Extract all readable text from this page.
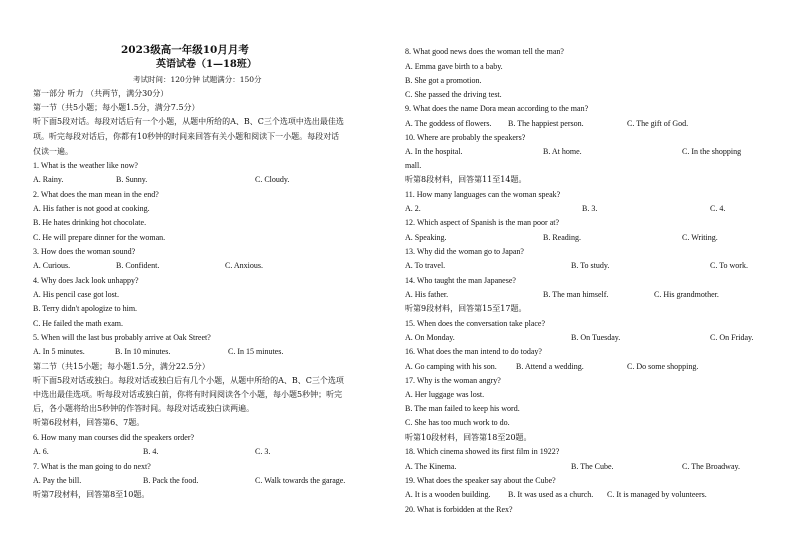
2023级高一年级10月月考
英语试卷（1—18班）
考试时间：120分钟 试题满分：150分
第一部分 听力 （共两节，满分30分）
第一节（共5小题；每小题1.5分，满分7.5分）
听下面5段对话。每段对话后有一个小题，从题中所给的A、B、C三个选项中选出最佳选
项。听完每段对话后，你都有10秒钟的时间来回答有关小题和阅读下一小题。每段对话
仅读一遍。
1. What is the weather like now?
A. Rainy.	B. Sunny.	C. Cloudy.
2. What does the man mean in the end?
A. His father is not good at cooking.
B. He hates drinking hot chocolate.
C. He will prepare dinner for the woman.
3. How does the woman sound?
A. Curious.	B. Confident.	C. Anxious.
4. Why does Jack look unhappy?
A. His pencil case got lost.
B. Terry didn't apologize to him.
C. He failed the math exam.
5. When will the last bus probably arrive at Oak Street?
A. In 5 minutes.	B. In 10 minutes.	C. In 15 minutes.
第二节（共15小题；每小题1.5分，满分22.5分）
听下面5段对话或独白。每段对话或独白后有几个小题，从题中所给的A、B、C三个选项
中选出最佳选项。听每段对话或独白前，你将有时间阅读各个小题，每小题5秒钟；听完
后，各小题将给出5秒钟的作答时间。每段对话或独白读两遍。
听第6段材料，回答第6、7题。
6. How many man courses did the speakers order?
A. 6.	B. 4.	C. 3.
7. What is the man going to do next?
A. Pay the bill.	B. Pack the food.	C. Walk towards the garage.
听第7段材料，回答第8至10题。
8. What good news does the woman tell the man?
A. Emma gave birth to a baby.
B. She got a promotion.
C. She passed the driving test.
9. What does the name Dora mean according to the man?
A. The goddess of flowers. B. The happiest person.	C. The gift of God.
10. Where are probably the speakers?
A. In the hospital.	B. At home.	C. In the shopping
mall.
听第8段材料，回答第11至14题。
11. How many languages can the woman speak?
A. 2.	B. 3.	C. 4.
12. Which aspect of Spanish is the man poor at?
A. Speaking.	B. Reading.	C. Writing.
13. Why did the woman go to Japan?
A. To travel.	B. To study.	C. To work.
14. Who taught the man Japanese?
A. His father.	B. The man himself.	C. His grandmother.
听第9段材料，回答第15至17题。
15. When does the conversation take place?
A. On Monday.	B. On Tuesday.	C. On Friday.
16. What does the man intend to do today?
A. Go camping with his son. B. Attend a wedding.	C. Do some shopping.
17. Why is the woman angry?
A. Her luggage was lost.
B. The man failed to keep his word.
C. She has too much work to do.
听第10段材料，回答第18至20题。
18. Which cinema showed its first film in 1922?
A. The Kinema.	B. The Cube.	C. The Broadway.
19. What does the speaker say about the Cube?
A. It is a wooden building. B. It was used as a church. C. It is managed by volunteers.
20. What is forbidden at the Rex?
